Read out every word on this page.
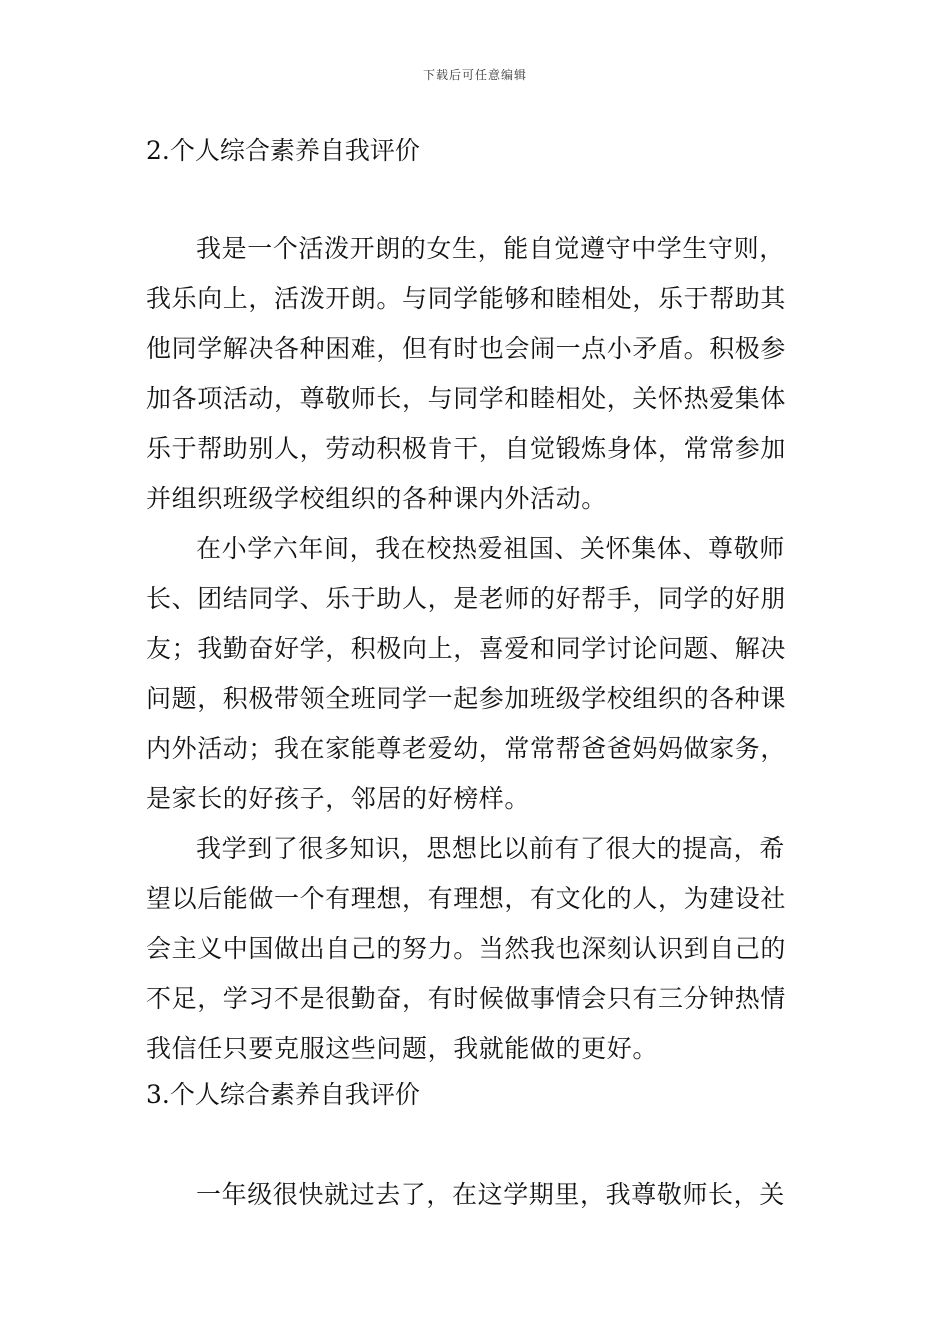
下载后可任意编辑
2.个人综合素养自我评价
我是一个活泼开朗的女生，能自觉遵守中学生守则，
我乐向上，活泼开朗。与同学能够和睦相处，乐于帮助其
他同学解决各种困难，但有时也会闹一点小矛盾。积极参
加各项活动，尊敬师长，与同学和睦相处，关怀热爱集体
乐于帮助别人，劳动积极肯干，自觉锻炼身体，常常参加
并组织班级学校组织的各种课内外活动。
在小学六年间，我在校热爱祖国、关怀集体、尊敬师
长、团结同学、乐于助人，是老师的好帮手，同学的好朋
友；我勤奋好学，积极向上，喜爱和同学讨论问题、解决
问题，积极带领全班同学一起参加班级学校组织的各种课
内外活动；我在家能尊老爱幼，常常帮爸爸妈妈做家务，
是家长的好孩子，邻居的好榜样。
我学到了很多知识，思想比以前有了很大的提高，希
望以后能做一个有理想，有理想，有文化的人，为建设社
会主义中国做出自己的努力。当然我也深刻认识到自己的
不足，学习不是很勤奋，有时候做事情会只有三分钟热情
我信任只要克服这些问题，我就能做的更好。
3.个人综合素养自我评价
一年级很快就过去了，在这学期里，我尊敬师长，关
